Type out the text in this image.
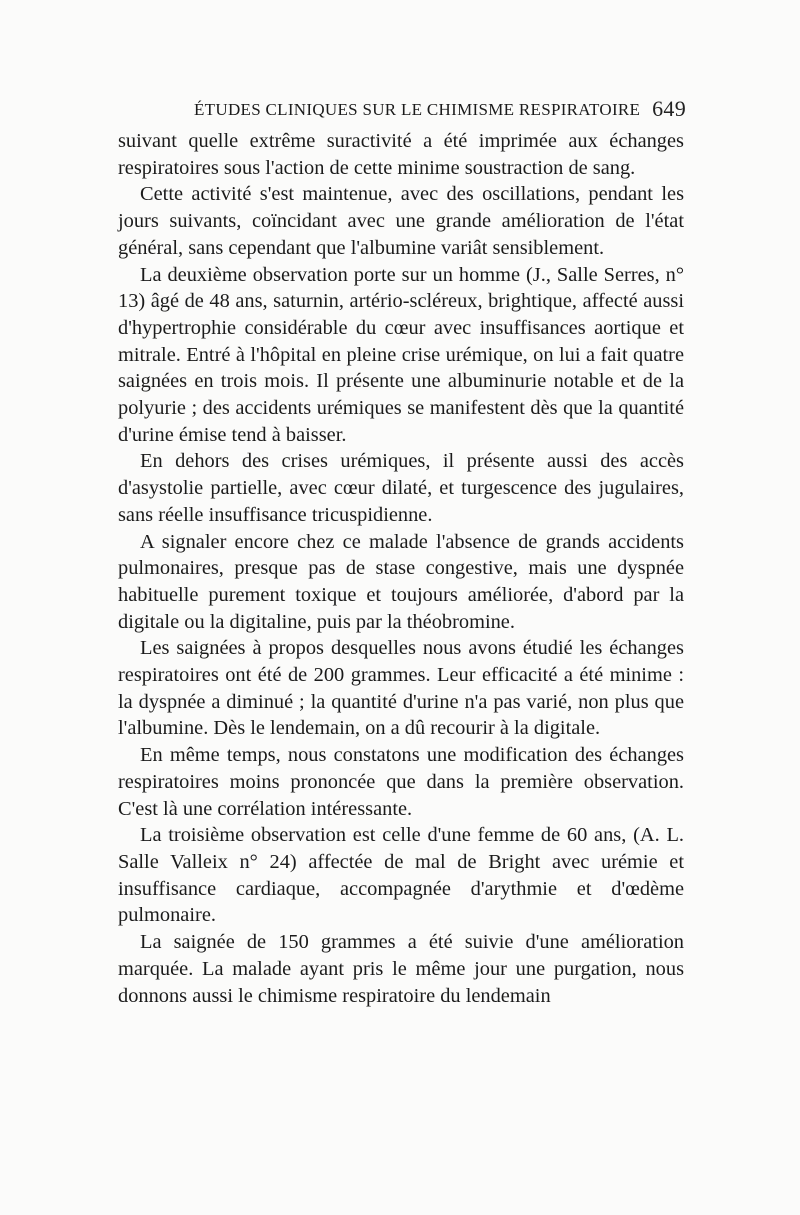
ÉTUDES CLINIQUES SUR LE CHIMISME RESPIRATOIRE 649

suivant quelle extrême suractivité a été imprimée aux échanges respiratoires sous l'action de cette minime soustraction de sang.

Cette activité s'est maintenue, avec des oscillations, pendant les jours suivants, coïncidant avec une grande amélioration de l'état général, sans cependant que l'albumine variât sensiblement.

La deuxième observation porte sur un homme (J., Salle Serres, n° 13) âgé de 48 ans, saturnin, artério-scléreux, brightique, affecté aussi d'hypertrophie considérable du cœur avec insuffisances aortique et mitrale. Entré à l'hôpital en pleine crise urémique, on lui a fait quatre saignées en trois mois. Il présente une albuminurie notable et de la polyurie ; des accidents urémiques se manifestent dès que la quantité d'urine émise tend à baisser.

En dehors des crises urémiques, il présente aussi des accès d'asystolie partielle, avec cœur dilaté, et turgescence des jugulaires, sans réelle insuffisance tricuspidienne.

A signaler encore chez ce malade l'absence de grands accidents pulmonaires, presque pas de stase congestive, mais une dyspnée habituelle purement toxique et toujours améliorée, d'abord par la digitale ou la digitaline, puis par la théobromine.

Les saignées à propos desquelles nous avons étudié les échanges respiratoires ont été de 200 grammes. Leur efficacité a été minime : la dyspnée a diminué ; la quantité d'urine n'a pas varié, non plus que l'albumine. Dès le lendemain, on a dû recourir à la digitale.

En même temps, nous constatons une modification des échanges respiratoires moins prononcée que dans la première observation. C'est là une corrélation intéressante.

La troisième observation est celle d'une femme de 60 ans, (A. L. Salle Valleix n° 24) affectée de mal de Bright avec urémie et insuffisance cardiaque, accompagnée d'arythmie et d'œdème pulmonaire.

La saignée de 150 grammes a été suivie d'une amélioration marquée. La malade ayant pris le même jour une purgation, nous donnons aussi le chimisme respiratoire du lendemain
